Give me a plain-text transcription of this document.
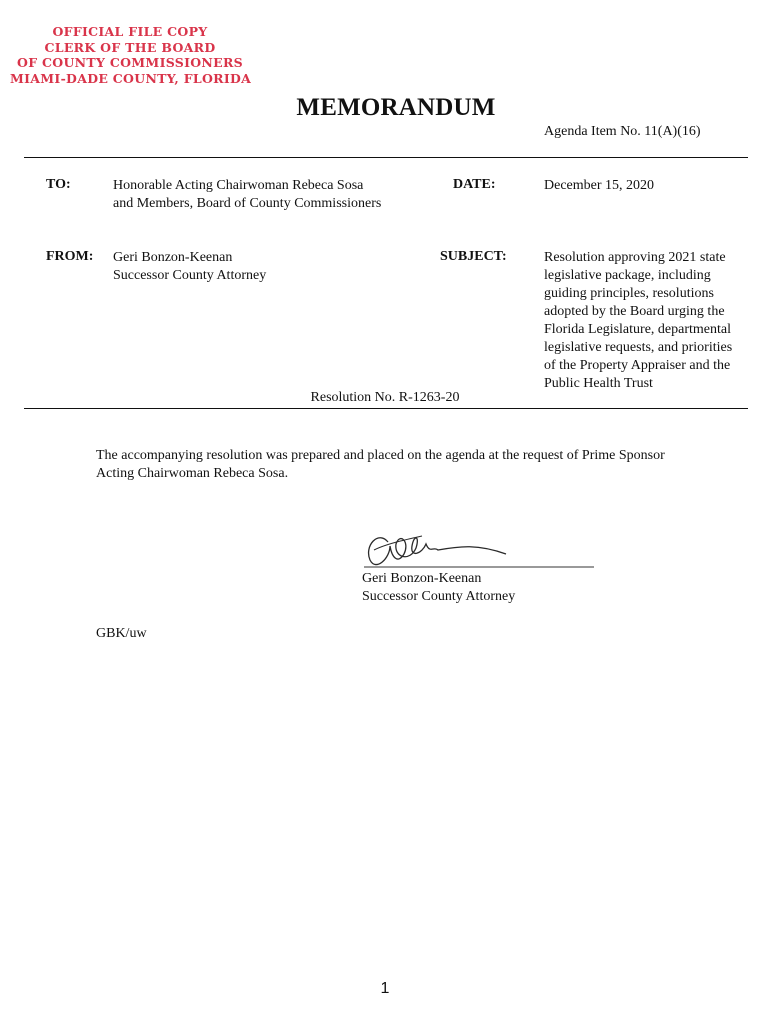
OFFICIAL FILE COPY
CLERK OF THE BOARD
OF COUNTY COMMISSIONERS
MIAMI-DADE COUNTY, FLORIDA
MEMORANDUM
Agenda Item No. 11(A)(16)
TO:	Honorable Acting Chairwoman Rebeca Sosa
and Members, Board of County Commissioners
DATE:	December 15, 2020
FROM: Geri Bonzon-Keenan
Successor County Attorney
SUBJECT:	Resolution approving 2021 state
legislative package, including
guiding principles, resolutions
adopted by the Board urging the
Florida Legislature, departmental
legislative requests, and priorities
of the Property Appraiser and the
Public Health Trust
Resolution No. R-1263-20
The accompanying resolution was prepared and placed on the agenda at the request of Prime Sponsor
Acting Chairwoman Rebeca Sosa.
Geri Bonzon-Keenan
Successor County Attorney
GBK/uw
1
